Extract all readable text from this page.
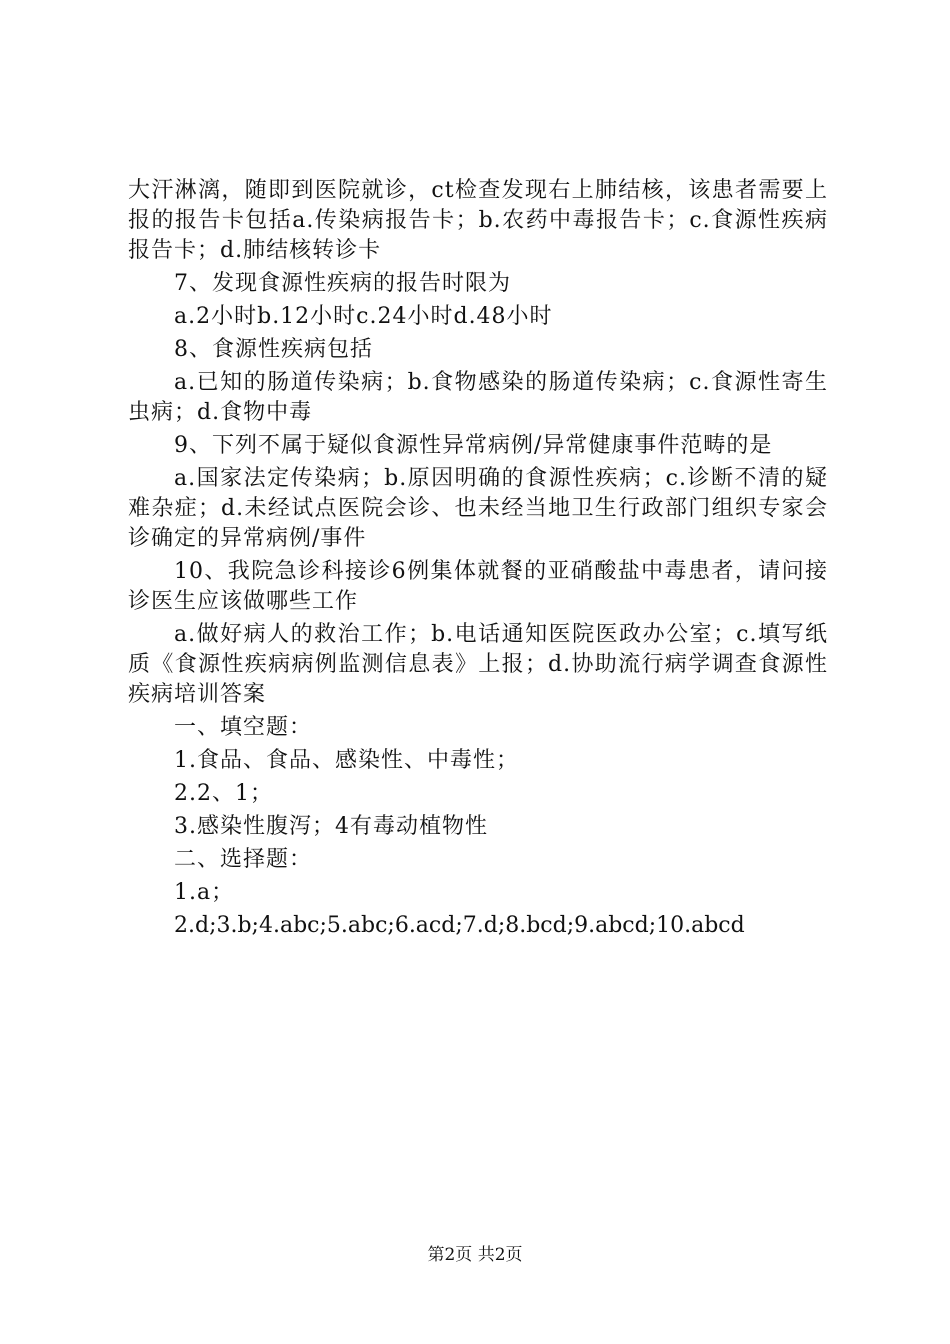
大汗淋漓，随即到医院就诊，ct检查发现右上肺结核，该患者需要上报的报告卡包括a.传染病报告卡；b.农药中毒报告卡；c.食源性疾病报告卡；d.肺结核转诊卡

7、发现食源性疾病的报告时限为

a.2小时b.12小时c.24小时d.48小时

8、食源性疾病包括

a.已知的肠道传染病；b.食物感染的肠道传染病；c.食源性寄生虫病；d.食物中毒

9、下列不属于疑似食源性异常病例/异常健康事件范畴的是

a.国家法定传染病；b.原因明确的食源性疾病；c.诊断不清的疑难杂症；d.未经试点医院会诊、也未经当地卫生行政部门组织专家会诊确定的异常病例/事件

10、我院急诊科接诊6例集体就餐的亚硝酸盐中毒患者，请问接诊医生应该做哪些工作

a.做好病人的救治工作；b.电话通知医院医政办公室；c.填写纸质《食源性疾病病例监测信息表》上报；d.协助流行病学调查食源性疾病培训答案

一、填空题：

1.食品、食品、感染性、中毒性；

2.2、1；

3.感染性腹泻；4有毒动植物性

二、选择题：

1.a；

2.d;3.b;4.abc;5.abc;6.acd;7.d;8.bcd;9.abcd;10.abcd

第2页 共2页
